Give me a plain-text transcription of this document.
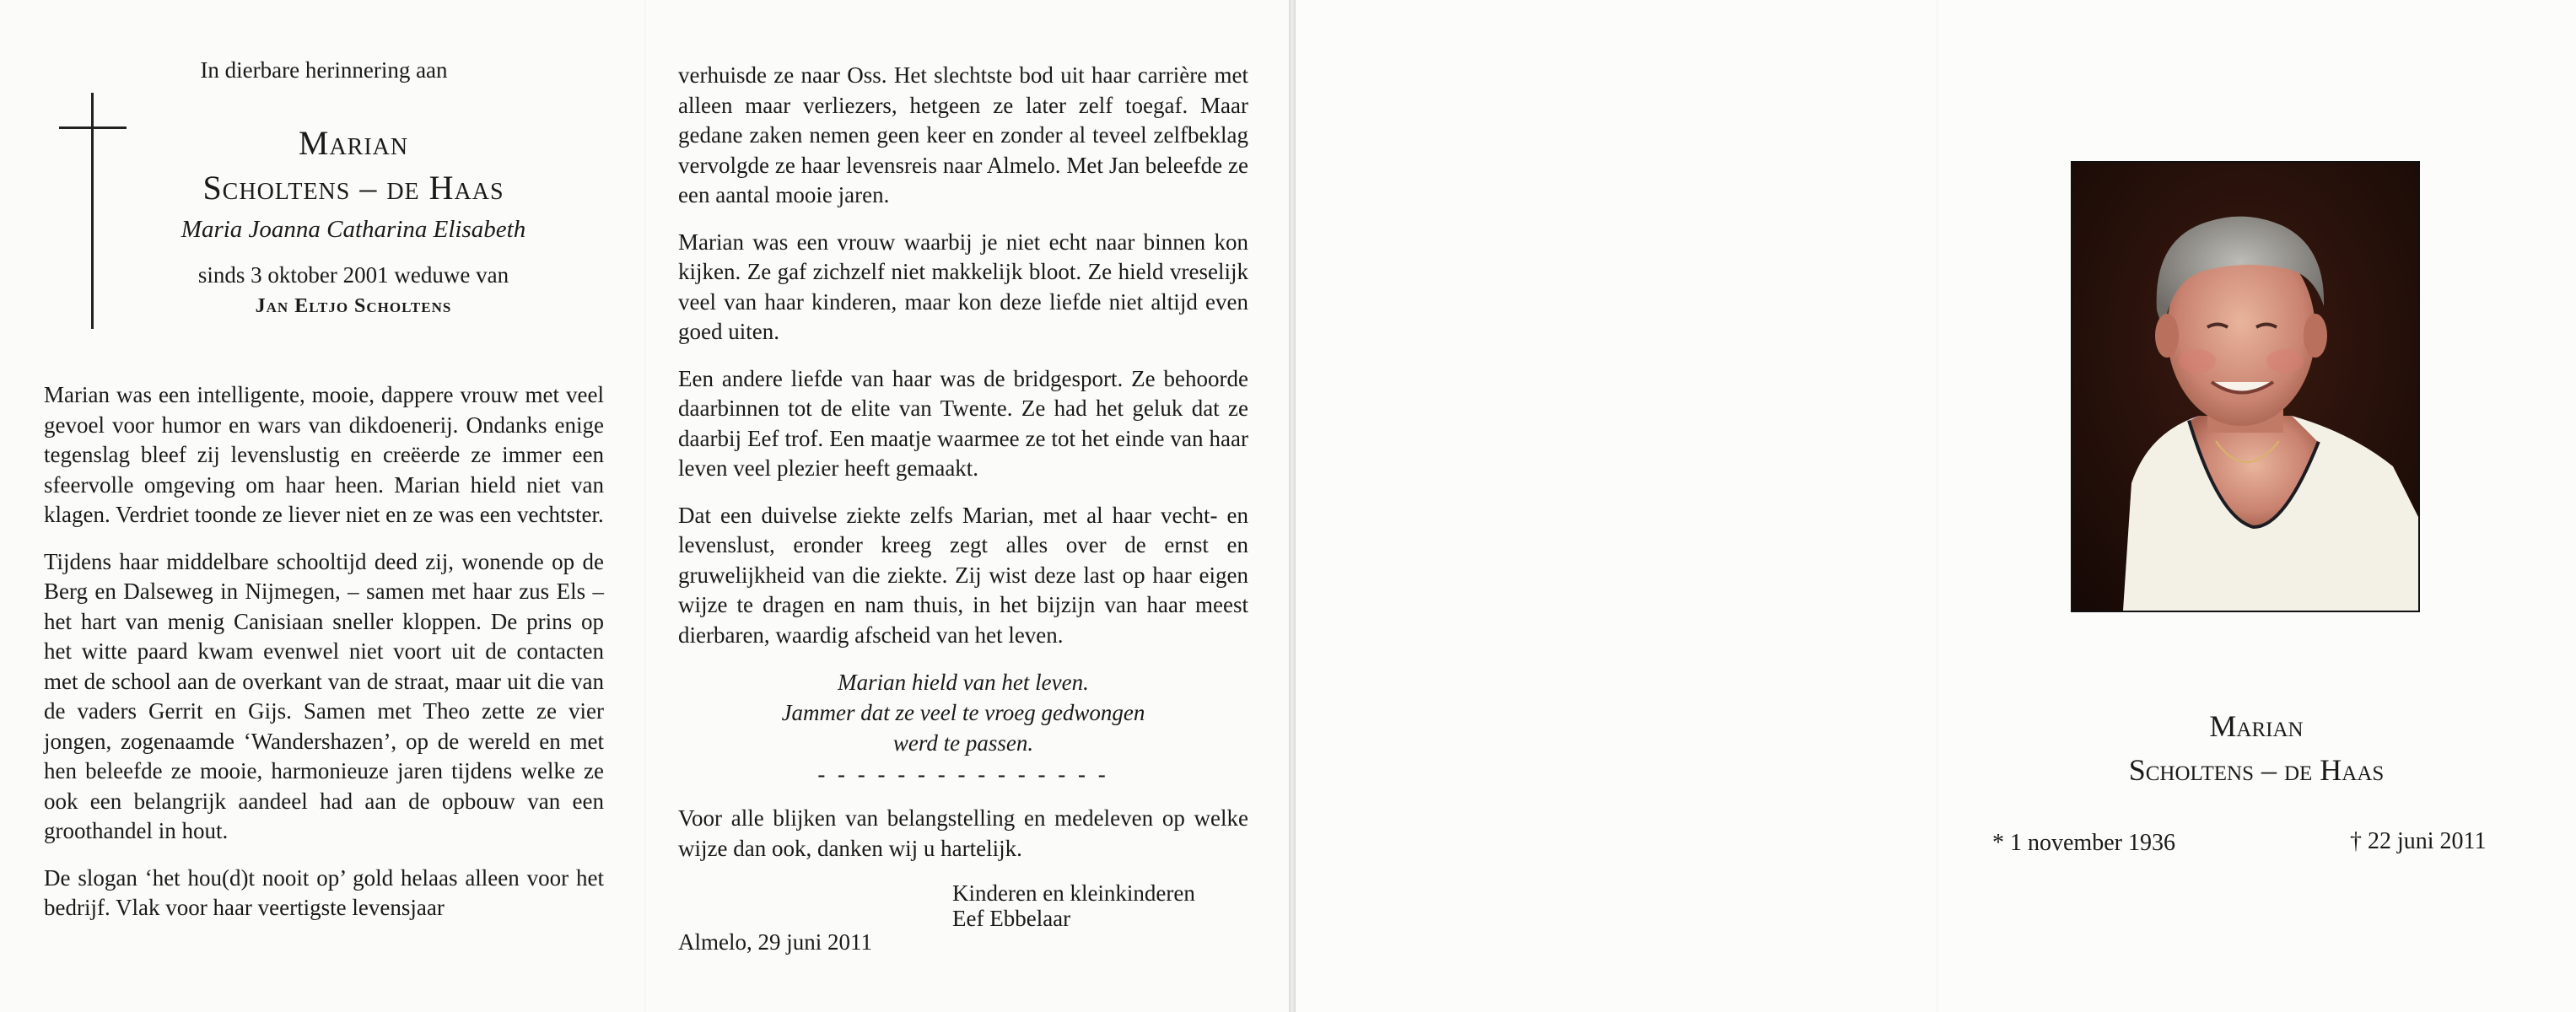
In dierbare herinnering aan
Marian
Scholtens – de Haas
Maria Joanna Catharina Elisabeth
sinds 3 oktober 2001 weduwe van
Jan Eltjo Scholtens

Marian was een intelligente, mooie, dappere vrouw met veel gevoel voor humor en wars van dikdoenerij. Ondanks enige tegenslag bleef zij levenslustig en creëerde ze immer een sfeervolle omgeving om haar heen. Marian hield niet van klagen. Verdriet toonde ze liever niet en ze was een vechtster.

Tijdens haar middelbare schooltijd deed zij, wonende op de Berg en Dalseweg in Nijmegen, – samen met haar zus Els – het hart van menig Canisiaan sneller kloppen. De prins op het witte paard kwam evenwel niet voort uit de contacten met de school aan de overkant van de straat, maar uit die van de vaders Gerrit en Gijs. Samen met Theo zette ze vier jongen, zogenaamde ‘Wandershazen’, op de wereld en met hen beleefde ze mooie, harmonieuze jaren tijdens welke ze ook een belangrijk aandeel had aan de opbouw van een groothandel in hout.

De slogan ‘het hou(d)t nooit op’ gold helaas alleen voor het bedrijf. Vlak voor haar veertigste levensjaar

verhuisde ze naar Oss. Het slechtste bod uit haar carrière met alleen maar verliezers, hetgeen ze later zelf toegaf. Maar gedane zaken nemen geen keer en zonder al teveel zelfbeklag vervolgde ze haar levensreis naar Almelo. Met Jan beleefde ze een aantal mooie jaren.

Marian was een vrouw waarbij je niet echt naar binnen kon kijken. Ze gaf zichzelf niet makkelijk bloot. Ze hield vreselijk veel van haar kinderen, maar kon deze liefde niet altijd even goed uiten.

Een andere liefde van haar was de bridgesport. Ze behoorde daarbinnen tot de elite van Twente. Ze had het geluk dat ze daarbij Eef trof. Een maatje waarmee ze tot het einde van haar leven veel plezier heeft gemaakt.

Dat een duivelse ziekte zelfs Marian, met al haar vecht- en levenslust, eronder kreeg zegt alles over de ernst en gruwelijkheid van die ziekte. Zij wist deze last op haar eigen wijze te dragen en nam thuis, in het bijzijn van haar meest dierbaren, waardig afscheid van het leven.

Marian hield van het leven.
Jammer dat ze veel te vroeg gedwongen
werd te passen.
- - - - - - - - - - - - - - -
Voor alle blijken van belangstelling en medeleven op welke wijze dan ook, danken wij u hartelijk.
Kinderen en kleinkinderen
Eef Ebbelaar
Almelo, 29 juni 2011
Marian
Scholtens – de Haas
* 1 november 1936	† 22 juni 2011
